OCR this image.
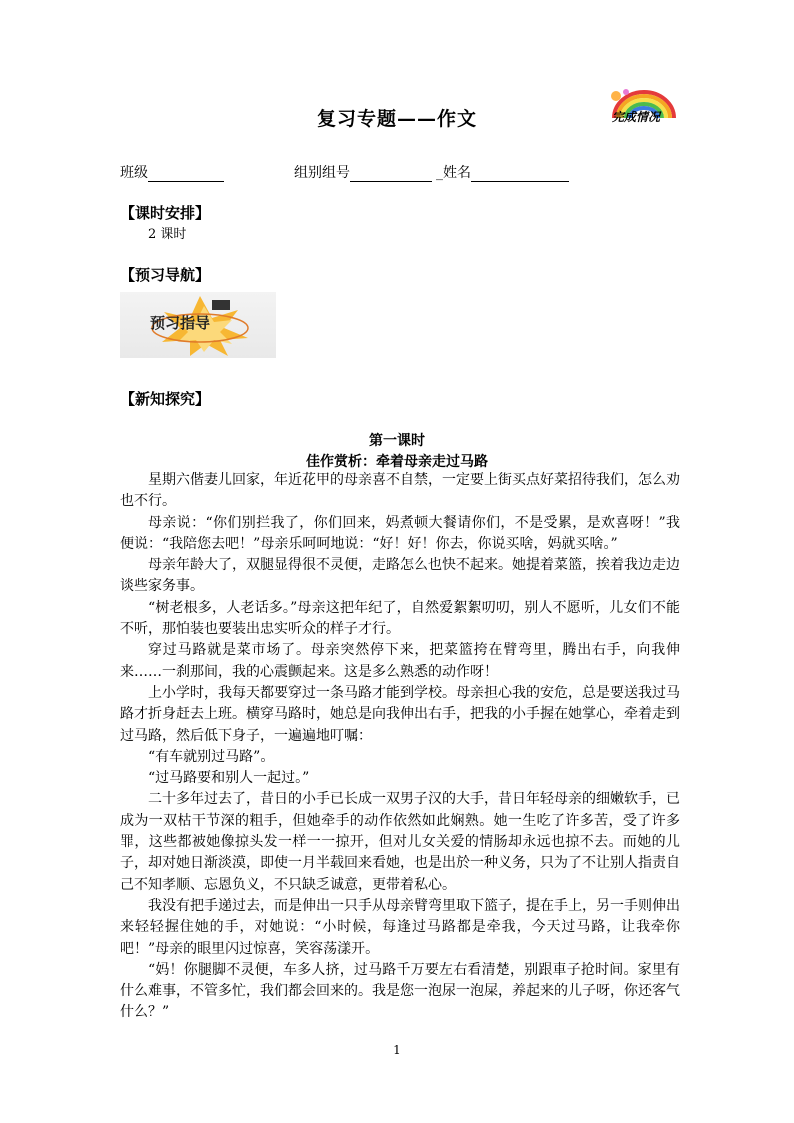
复习专题——作文	完成情况
班级	组别组号	_姓名
【课时安排】
2 课时
【预习导航】
预习指导
【新知探究】
第一课时
佳作赏析：牵着母亲走过马路

星期六偕妻儿回家，年近花甲的母亲喜不自禁，一定要上街买点好菜招待我们，怎么劝也不行。

母亲说：“你们别拦我了，你们回来，妈煮顿大餐请你们，不是受累，是欢喜呀！”我便说：“我陪您去吧！”母亲乐呵呵地说：“好！好！你去，你说买啥，妈就买啥。”

母亲年龄大了，双腿显得很不灵便，走路怎么也快不起来。她提着菜篮，挨着我边走边谈些家务事。

“树老根多，人老话多。”母亲这把年纪了，自然爱絮絮叨叨，别人不愿听，儿女们不能不听，那怕装也要装出忠实听众的样子才行。

穿过马路就是菜市场了。母亲突然停下来，把菜篮挎在臂弯里，腾出右手，向我伸来……一刹那间，我的心震颤起来。这是多么熟悉的动作呀！

上小学时，我每天都要穿过一条马路才能到学校。母亲担心我的安危，总是要送我过马路才折身赶去上班。横穿马路时，她总是向我伸出右手，把我的小手握在她掌心，牵着走到过马路，然后低下身子，一遍遍地叮嘱：

“有车就别过马路”。

“过马路要和别人一起过。”

二十多年过去了，昔日的小手已长成一双男子汉的大手，昔日年轻母亲的细嫩软手，已成为一双枯干节深的粗手，但她牵手的动作依然如此娴熟。她一生吃了许多苦，受了许多罪，这些都被她像掠头发一样一一掠开，但对儿女关爱的情肠却永远也掠不去。而她的儿子，却对她日渐淡漠，即使一月半载回来看她，也是出於一种义务，只为了不让别人指责自己不知孝顺、忘恩负义，不只缺乏诚意，更带着私心。

我没有把手递过去，而是伸出一只手从母亲臂弯里取下篮子，提在手上，另一手则伸出来轻轻握住她的手，对她说：“小时候，每逢过马路都是牵我，今天过马路，让我牵你吧！”母亲的眼里闪过惊喜，笑容荡漾开。

“妈！你腿脚不灵便，车多人挤，过马路千万要左右看清楚，别跟車子抢时间。家里有什么难事，不管多忙，我们都会回来的。我是您一泡尿一泡屎，养起来的儿子呀，你还客气什么？”

1
